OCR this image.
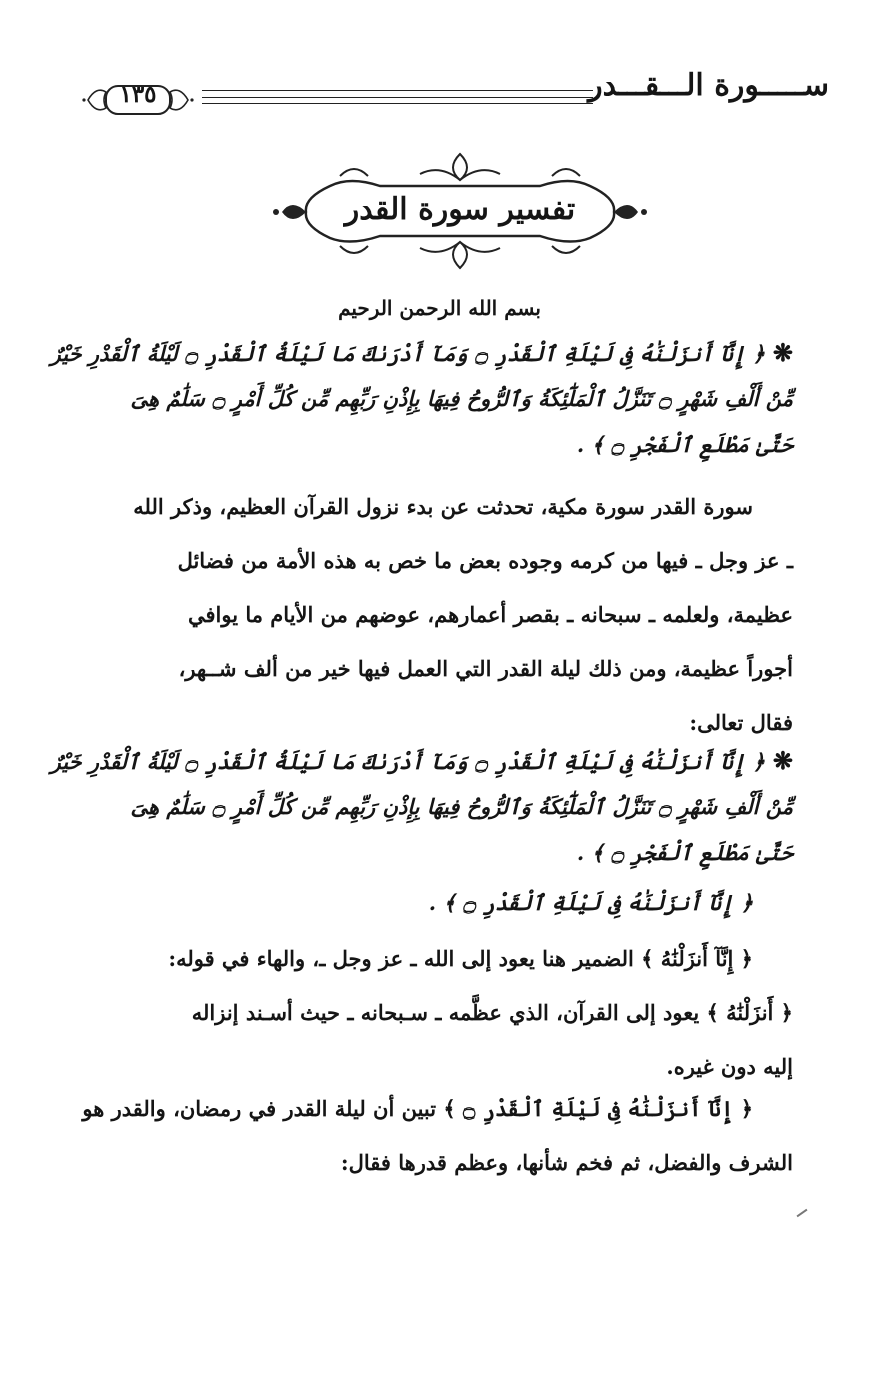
ســـــورة الـــقـــدر
١٣٥
تفسير سورة القدر
بسم الله الرحمن الرحيم
❋﴿ إِنَّآ أَنزَلْنَٰهُ فِى لَيْلَةِ ٱلْقَدْرِ ۝ وَمَآ أَدْرَىٰكَ مَا لَيْلَةُ ٱلْقَدْرِ ۝ لَيْلَةُ ٱلْقَدْرِ خَيْرٌ
مِّنْ أَلْفِ شَهْرٍ ۝ تَنَزَّلُ ٱلْمَلَٰٓئِكَةُ وَٱلرُّوحُ فِيهَا بِإِذْنِ رَبِّهِم مِّن كُلِّ أَمْرٍ ۝ سَلَٰمٌ هِىَ
حَتَّىٰ مَطْلَعِ ٱلْفَجْرِ ۝ ﴾ .
سورة القدر سورة مكية، تحدثت عن بدء نزول القرآن العظيم، وذكر الله
ـ عز وجل ـ فيها من كرمه وجوده بعض ما خص به هذه الأمة من فضائل
عظيمة، ولعلمه ـ سبحانه ـ بقصر أعمارهم، عوضهم من الأيام ما يوافي
أجوراً عظيمة، ومن ذلك ليلة القدر التي العمل فيها خير من ألف شــهر،
فقال تعالى:
❋﴿ إِنَّآ أَنزَلْنَٰهُ فِى لَيْلَةِ ٱلْقَدْرِ ۝ وَمَآ أَدْرَىٰكَ مَا لَيْلَةُ ٱلْقَدْرِ ۝ لَيْلَةُ ٱلْقَدْرِ خَيْرٌ
مِّنْ أَلْفِ شَهْرٍ ۝ تَنَزَّلُ ٱلْمَلَٰٓئِكَةُ وَٱلرُّوحُ فِيهَا بِإِذْنِ رَبِّهِم مِّن كُلِّ أَمْرٍ ۝ سَلَٰمٌ هِىَ
حَتَّىٰ مَطْلَعِ ٱلْفَجْرِ ۝ ﴾ .
﴿ إِنَّآ أَنزَلْنَٰهُ فِى لَيْلَةِ ٱلْقَدْرِ ۝ ﴾ .
﴿ إِنَّآ أَنزَلْنَٰهُ ﴾ الضمير هنا يعود إلى الله ـ عز وجل ـ، والهاء في قوله:
﴿ أَنزَلْنَٰهُ ﴾ يعود إلى القرآن، الذي عظَّمه ـ سـبحانه ـ حيث أسـند إنزاله
إليه دون غيره.
﴿ إِنَّآ أَنزَلْنَٰهُ فِى لَيْلَةِ ٱلْقَدْرِ ۝ ﴾ تبين أن ليلة القدر في رمضان، والقدر هو
الشرف والفضل، ثم فخم شأنها، وعظم قدرها فقال:
